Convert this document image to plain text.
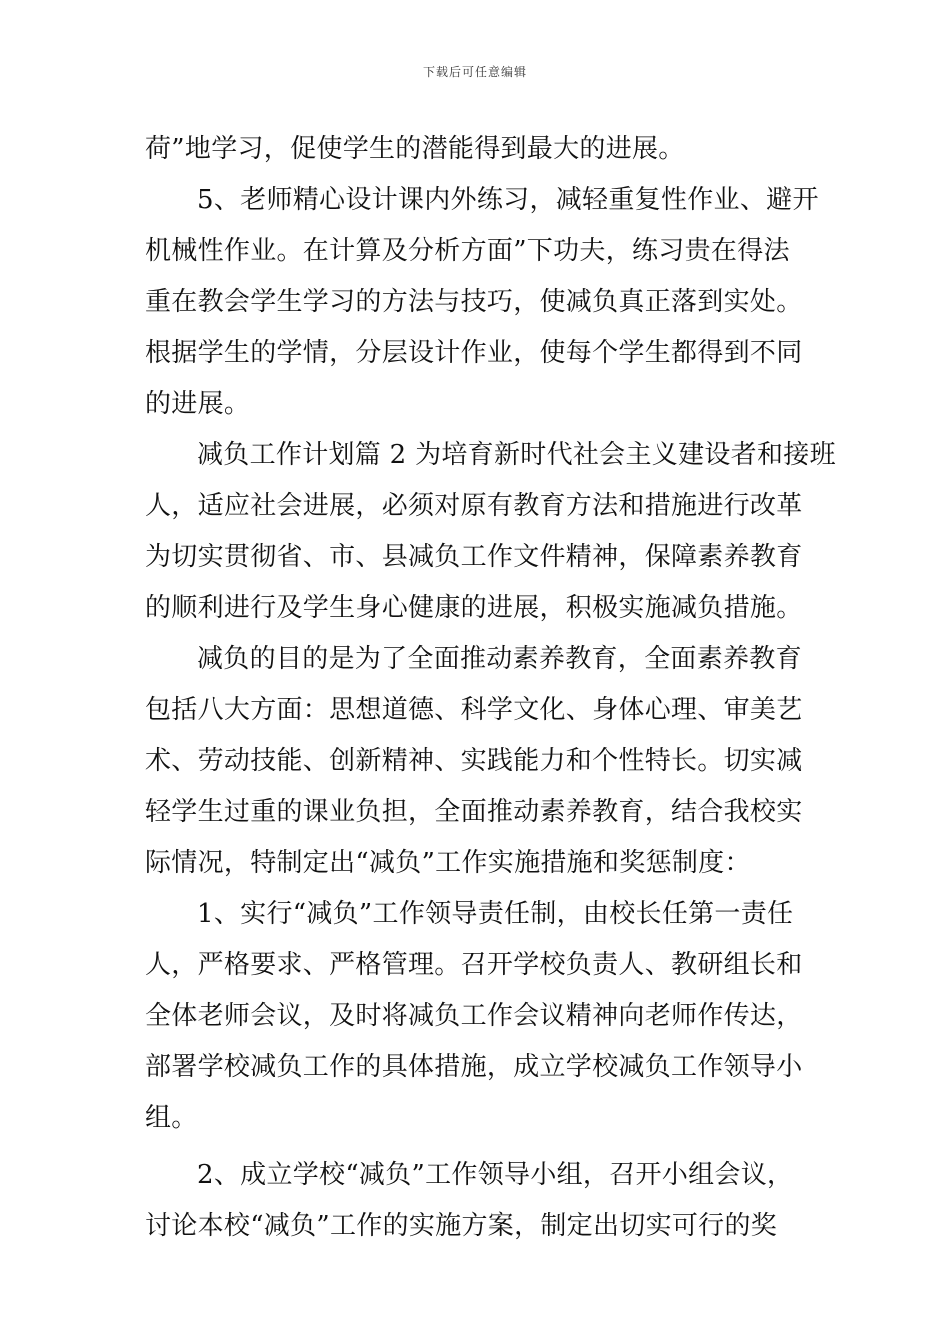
下载后可任意编辑
荷”地学习，促使学生的潜能得到最大的进展。
5、老师精心设计课内外练习，减轻重复性作业、避开
机械性作业。在计算及分析方面”下功夫，练习贵在得法
重在教会学生学习的方法与技巧，使减负真正落到实处。
根据学生的学情，分层设计作业，使每个学生都得到不同
的进展。
减负工作计划篇 2 为培育新时代社会主义建设者和接班
人，适应社会进展，必须对原有教育方法和措施进行改革
为切实贯彻省、市、县减负工作文件精神，保障素养教育
的顺利进行及学生身心健康的进展，积极实施减负措施。
减负的目的是为了全面推动素养教育，全面素养教育
包括八大方面：思想道德、科学文化、身体心理、审美艺
术、劳动技能、创新精神、实践能力和个性特长。切实减
轻学生过重的课业负担，全面推动素养教育，结合我校实
际情况，特制定出“减负”工作实施措施和奖惩制度：
1、实行“减负”工作领导责任制，由校长任第一责任
人，严格要求、严格管理。召开学校负责人、教研组长和
全体老师会议，及时将减负工作会议精神向老师作传达，
部署学校减负工作的具体措施，成立学校减负工作领导小
组。
2、成立学校“减负”工作领导小组，召开小组会议，
讨论本校“减负”工作的实施方案，制定出切实可行的奖
